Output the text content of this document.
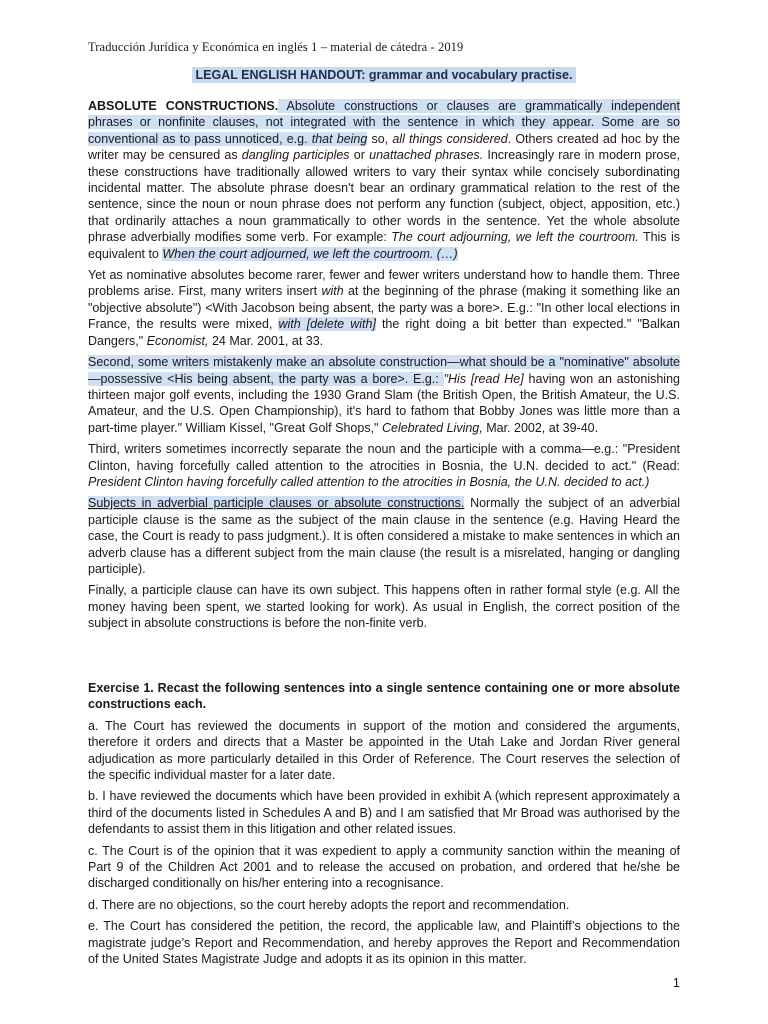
Traducción Jurídica y Económica en inglés 1 – material de cátedra - 2019
LEGAL ENGLISH HANDOUT: grammar and vocabulary practise.

ABSOLUTE CONSTRUCTIONS. Absolute constructions or clauses are grammatically independent phrases or nonfinite clauses, not integrated with the sentence in which they appear. Some are so conventional as to pass unnoticed, e.g. that being so, all things considered. Others created ad hoc by the writer may be censured as dangling participles or unattached phrases. Increasingly rare in modern prose, these constructions have traditionally allowed writers to vary their syntax while concisely subordinating incidental matter. The absolute phrase doesn't bear an ordinary grammatical relation to the rest of the sentence, since the noun or noun phrase does not perform any function (subject, object, apposition, etc.) that ordinarily attaches a noun grammatically to other words in the sentence. Yet the whole absolute phrase adverbially modifies some verb. For example: The court adjourning, we left the courtroom. This is equivalent to When the court adjourned, we left the courtroom. (…)

Yet as nominative absolutes become rarer, fewer and fewer writers understand how to handle them. Three problems arise. First, many writers insert with at the beginning of the phrase (making it something like an "objective absolute") <With Jacobson being absent, the party was a bore>. E.g.: "In other local elections in France, the results were mixed, with [delete with] the right doing a bit better than expected." "Balkan Dangers," Economist, 24 Mar. 2001, at 33.

Second, some writers mistakenly make an absolute construction—what should be a "nominative" absolute—possessive <His being absent, the party was a bore>. E.g.: "His [read He] having won an astonishing thirteen major golf events, including the 1930 Grand Slam (the British Open, the British Amateur, the U.S. Amateur, and the U.S. Open Championship), it's hard to fathom that Bobby Jones was little more than a part-time player." William Kissel, "Great Golf Shops," Celebrated Living, Mar. 2002, at 39-40.

Third, writers sometimes incorrectly separate the noun and the participle with a comma—e.g.: "President Clinton, having forcefully called attention to the atrocities in Bosnia, the U.N. decided to act." (Read: President Clinton having forcefully called attention to the atrocities in Bosnia, the U.N. decided to act.)

Subjects in adverbial participle clauses or absolute constructions. Normally the subject of an adverbial participle clause is the same as the subject of the main clause in the sentence (e.g. Having Heard the case, the Court is ready to pass judgment.). It is often considered a mistake to make sentences in which an adverb clause has a different subject from the main clause (the result is a misrelated, hanging or dangling participle).

Finally, a participle clause can have its own subject. This happens often in rather formal style (e.g. All the money having been spent, we started looking for work). As usual in English, the correct position of the subject in absolute constructions is before the non-finite verb.

Exercise 1. Recast the following sentences into a single sentence containing one or more absolute constructions each.

a. The Court has reviewed the documents in support of the motion and considered the arguments, therefore it orders and directs that a Master be appointed in the Utah Lake and Jordan River general adjudication as more particularly detailed in this Order of Reference. The Court reserves the selection of the specific individual master for a later date.

b. I have reviewed the documents which have been provided in exhibit A (which represent approximately a third of the documents listed in Schedules A and B) and I am satisfied that Mr Broad was authorised by the defendants to assist them in this litigation and other related issues.

c. The Court is of the opinion that it was expedient to apply a community sanction within the meaning of Part 9 of the Children Act 2001 and to release the accused on probation, and ordered that he/she be discharged conditionally on his/her entering into a recognisance.

d. There are no objections, so the court hereby adopts the report and recommendation.

e. The Court has considered the petition, the record, the applicable law, and Plaintiff’s objections to the magistrate judge’s Report and Recommendation, and hereby approves the Report and Recommendation of the United States Magistrate Judge and adopts it as its opinion in this matter.

1
